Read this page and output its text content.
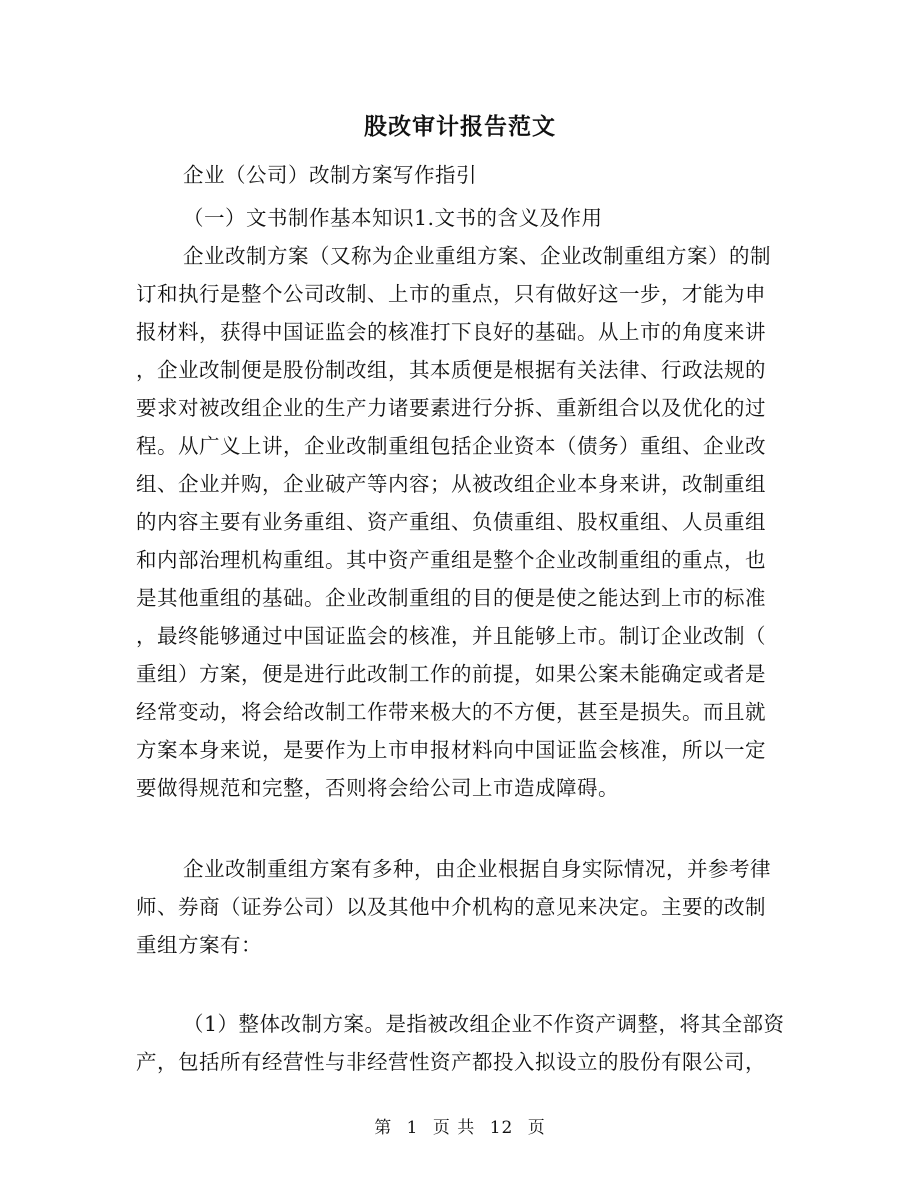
股改审计报告范文
企业（公司）改制方案写作指引
（一）文书制作基本知识1.文书的含义及作用
企业改制方案（又称为企业重组方案、企业改制重组方案）的制
订和执行是整个公司改制、上市的重点，只有做好这一步，才能为申
报材料，获得中国证监会的核准打下良好的基础。从上市的角度来讲
，企业改制便是股份制改组，其本质便是根据有关法律、行政法规的
要求对被改组企业的生产力诸要素进行分拆、重新组合以及优化的过
程。从广义上讲，企业改制重组包括企业资本（债务）重组、企业改
组、企业并购，企业破产等内容；从被改组企业本身来讲，改制重组
的内容主要有业务重组、资产重组、负债重组、股权重组、人员重组
和内部治理机构重组。其中资产重组是整个企业改制重组的重点，也
是其他重组的基础。企业改制重组的目的便是使之能达到上市的标准
，最终能够通过中国证监会的核准，并且能够上市。制订企业改制（
重组）方案，便是进行此改制工作的前提，如果公案未能确定或者是
经常变动，将会给改制工作带来极大的不方便，甚至是损失。而且就
方案本身来说，是要作为上市申报材料向中国证监会核准，所以一定
要做得规范和完整，否则将会给公司上市造成障碍。
企业改制重组方案有多种，由企业根据自身实际情况，并参考律
师、券商（证券公司）以及其他中介机构的意见来决定。主要的改制
重组方案有：
（1）整体改制方案。是指被改组企业不作资产调整，将其全部资
产，包括所有经营性与非经营性资产都投入拟设立的股份有限公司，
第 1 页 共 12 页
